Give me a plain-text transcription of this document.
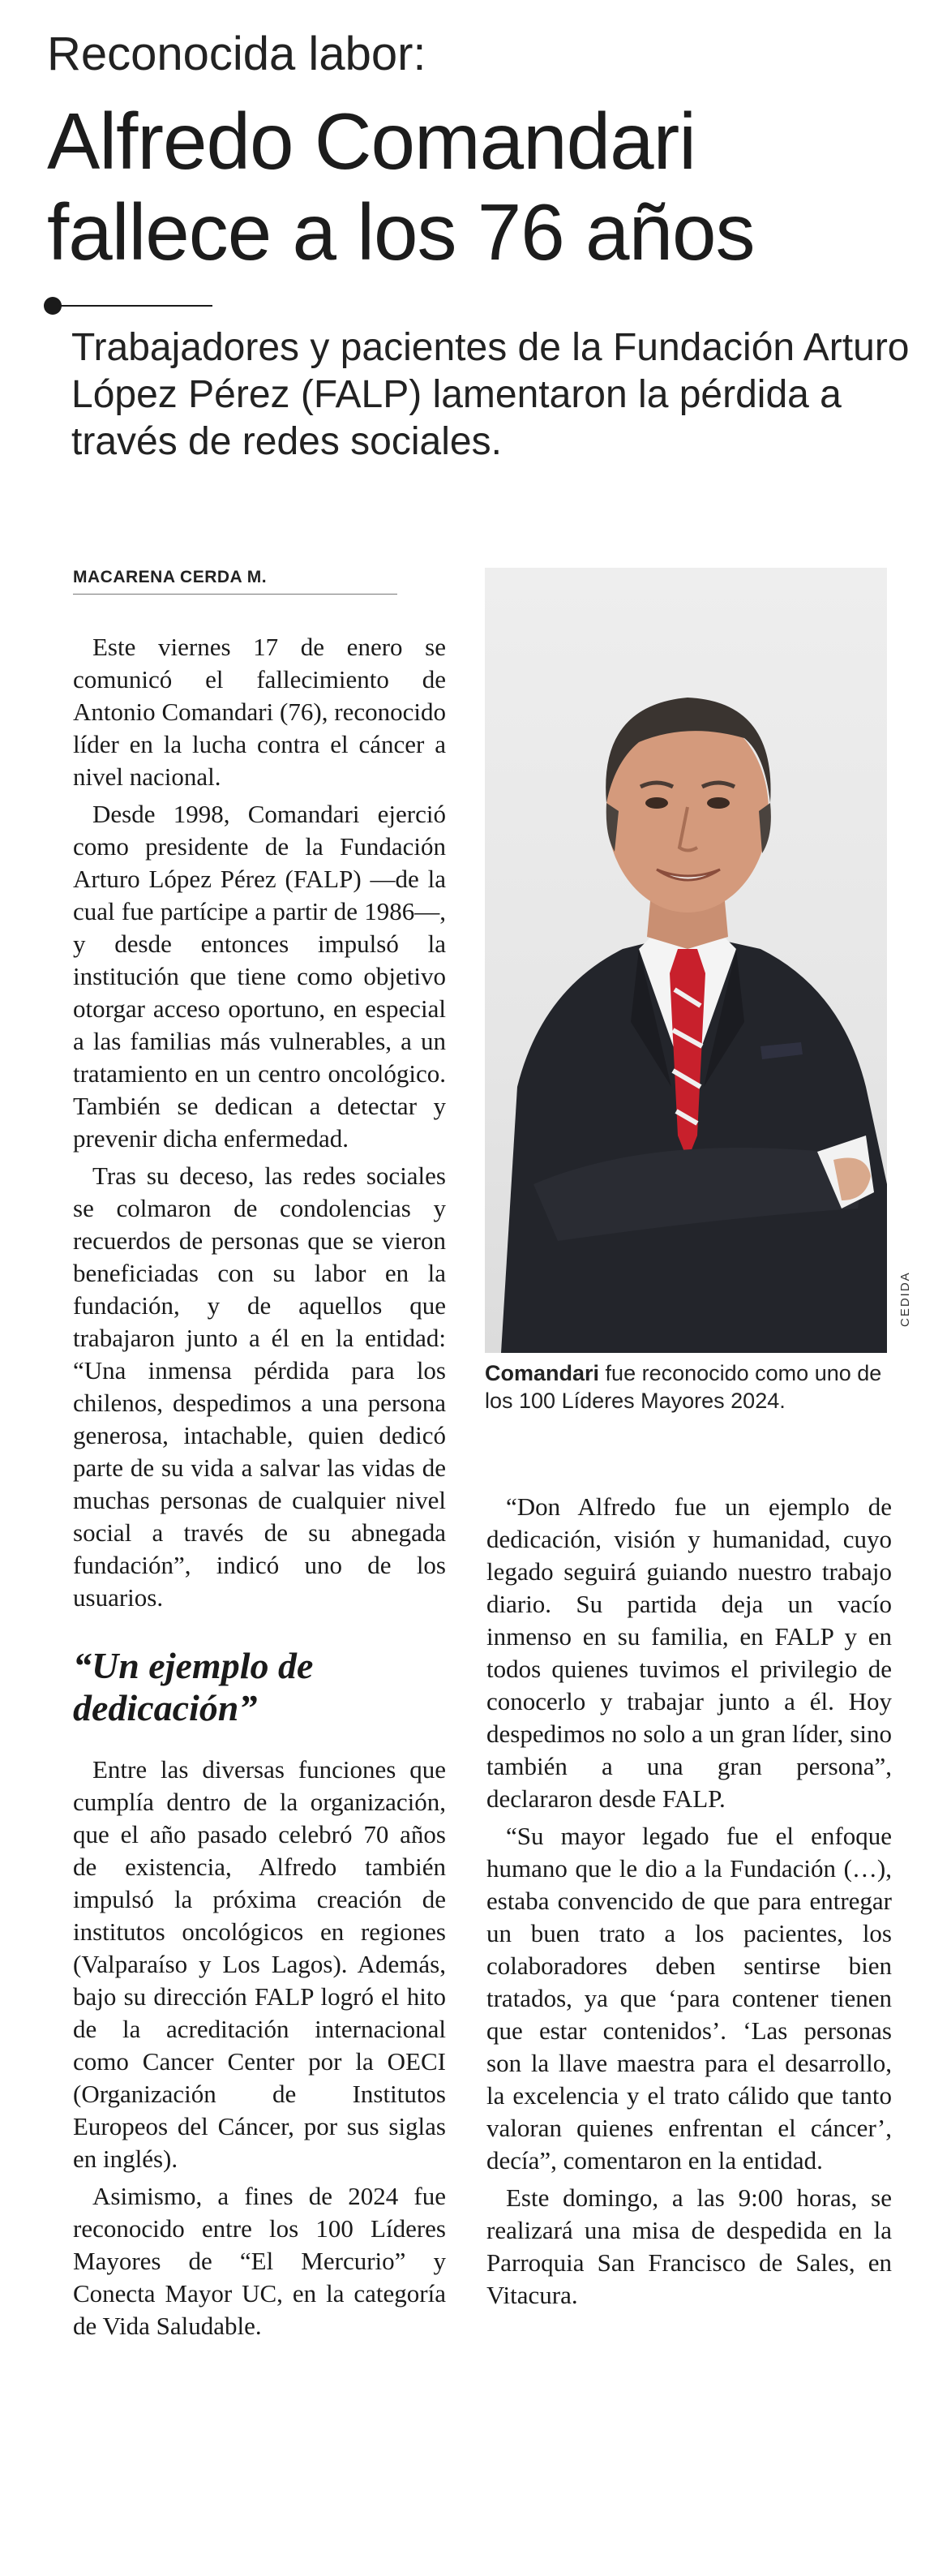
Reconocida labor:
Alfredo Comandari fallece a los 76 años
Trabajadores y pacientes de la Fundación Arturo López Pérez (FALP) lamentaron la pérdida a través de redes sociales.
MACARENA CERDA M.

Este viernes 17 de enero se comunicó el fallecimiento de Antonio Comandari (76), reconocido líder en la lucha contra el cáncer a nivel nacional.

Desde 1998, Comandari ejerció como presidente de la Fundación Arturo López Pérez (FALP) —de la cual fue partícipe a partir de 1986—, y desde entonces impulsó la institución que tiene como objetivo otorgar acceso oportuno, en especial a las familias más vulnerables, a un tratamiento en un centro oncológico. También se dedican a detectar y prevenir dicha enfermedad.

Tras su deceso, las redes sociales se colmaron de condolencias y recuerdos de personas que se vieron beneficiadas con su labor en la fundación, y de aquellos que trabajaron junto a él en la entidad: “Una inmensa pérdida para los chilenos, despedimos a una persona generosa, intachable, quien dedicó parte de su vida a salvar las vidas de muchas personas de cualquier nivel social a través de su abnegada fundación”, indicó uno de los usuarios.

“Un ejemplo de dedicación”

Entre las diversas funciones que cumplía dentro de la organización, que el año pasado celebró 70 años de existencia, Alfredo también impulsó la próxima creación de institutos oncológicos en regiones (Valparaíso y Los Lagos). Además, bajo su dirección FALP logró el hito de la acreditación internacional como Cancer Center por la OECI (Organización de Institutos Europeos del Cáncer, por sus siglas en inglés).

Asimismo, a fines de 2024 fue reconocido entre los 100 Líderes Mayores de “El Mercurio” y Conecta Mayor UC, en la categoría de Vida Saludable.

CEDIDA
Comandari fue reconocido como uno de los 100 Líderes Mayores 2024.

“Don Alfredo fue un ejemplo de dedicación, visión y humanidad, cuyo legado seguirá guiando nuestro trabajo diario. Su partida deja un vacío inmenso en su familia, en FALP y en todos quienes tuvimos el privilegio de conocerlo y trabajar junto a él. Hoy despedimos no solo a un gran líder, sino también a una gran persona”, declararon desde FALP.

“Su mayor legado fue el enfoque humano que le dio a la Fundación (…), estaba convencido de que para entregar un buen trato a los pacientes, los colaboradores deben sentirse bien tratados, ya que ‘para contener tienen que estar contenidos’. ‘Las personas son la llave maestra para el desarrollo, la excelencia y el trato cálido que tanto valoran quienes enfrentan el cáncer’, decía”, comentaron en la entidad.

Este domingo, a las 9:00 horas, se realizará una misa de despedida en la Parroquia San Francisco de Sales, en Vitacura.
